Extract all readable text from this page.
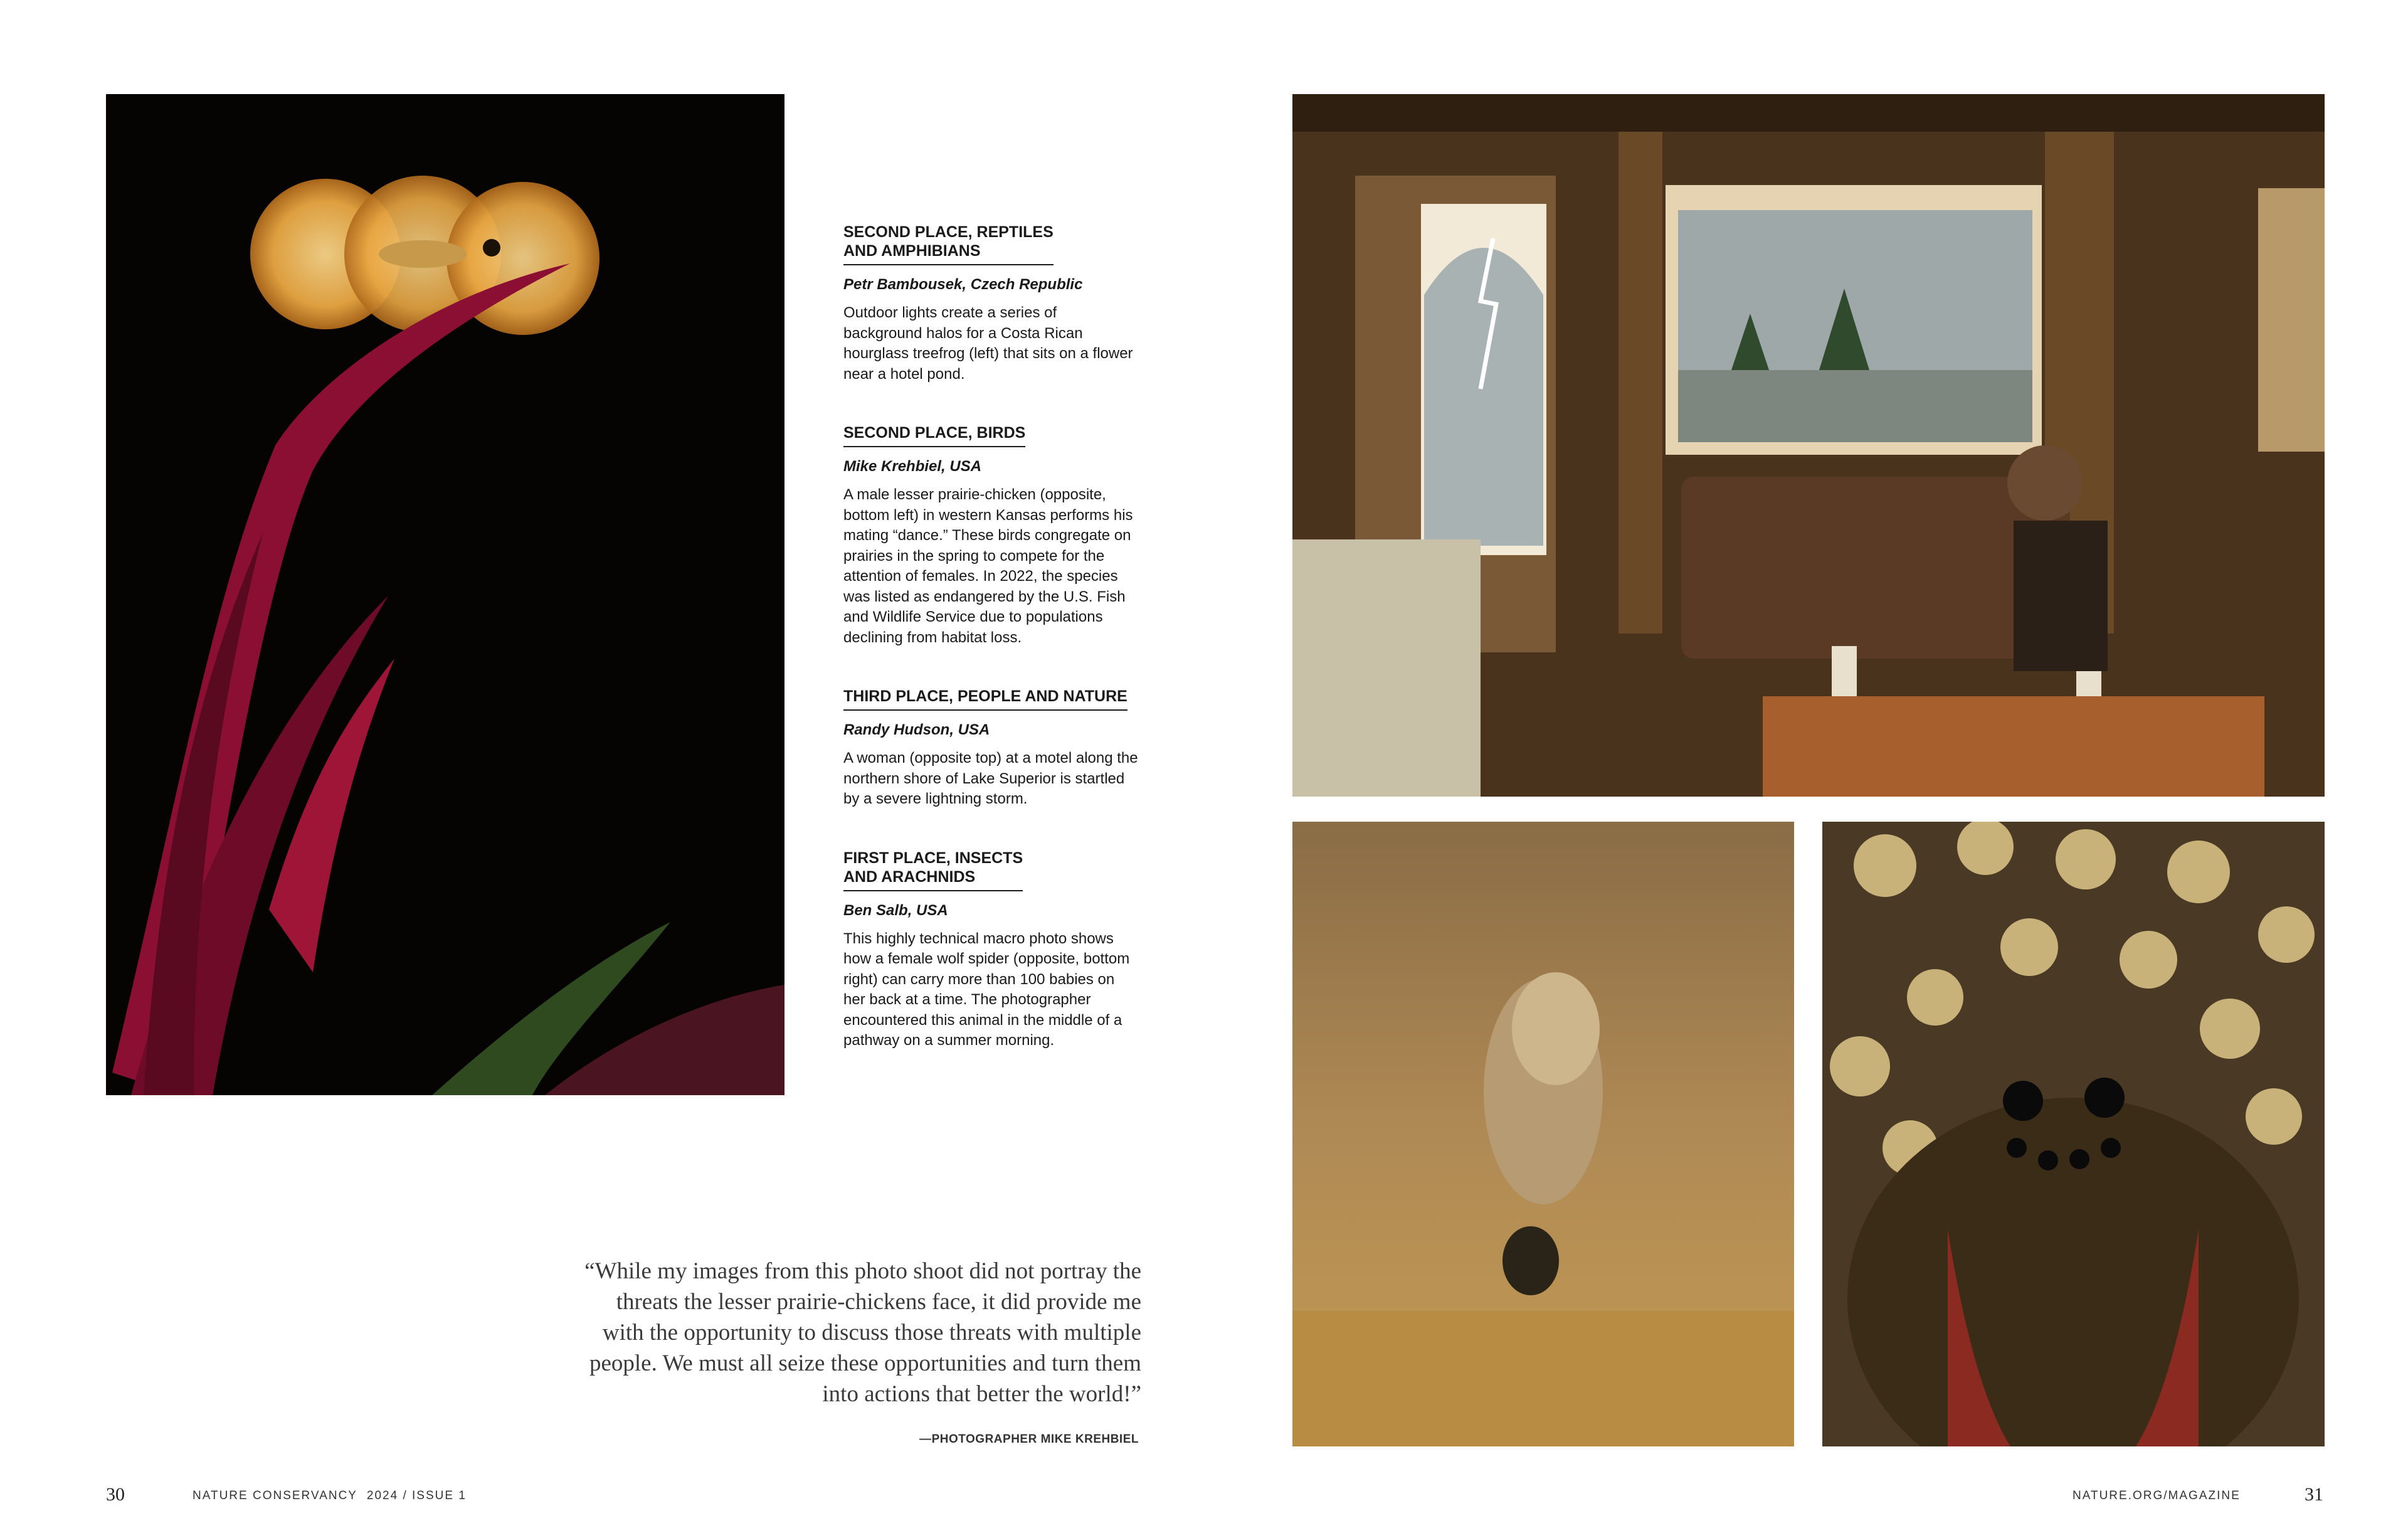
SECOND PLACE, REPTILES
AND AMPHIBIANS
Petr Bambousek, Czech Republic
Outdoor lights create a series of background halos for a Costa Rican hourglass treefrog (left) that sits on a flower near a hotel pond.
SECOND PLACE, BIRDS
Mike Krehbiel, USA
A male lesser prairie-chicken (opposite, bottom left) in western Kansas performs his mating “dance.” These birds congregate on prairies in the spring to compete for the attention of females. In 2022, the species was listed as endangered by the U.S. Fish and Wildlife Service due to populations declining from habitat loss.
THIRD PLACE, PEOPLE AND NATURE
Randy Hudson, USA
A woman (opposite top) at a motel along the northern shore of Lake Superior is startled by a severe lightning storm.
FIRST PLACE, INSECTS
AND ARACHNIDS
Ben Salb, USA
This highly technical macro photo shows how a female wolf spider (opposite, bottom right) can carry more than 100 babies on her back at a time. The photographer encountered this animal in the middle of a pathway on a summer morning.
“While my images from this photo shoot did not portray the threats the lesser prairie-chickens face, it did provide me with the opportunity to discuss those threats with multiple people. We must all seize these opportunities and turn them into actions that better the world!”
—PHOTOGRAPHER MIKE KREHBIEL
30	NATURE CONSERVANCY 2024 / ISSUE 1	NATURE.ORG/MAGAZINE	31
